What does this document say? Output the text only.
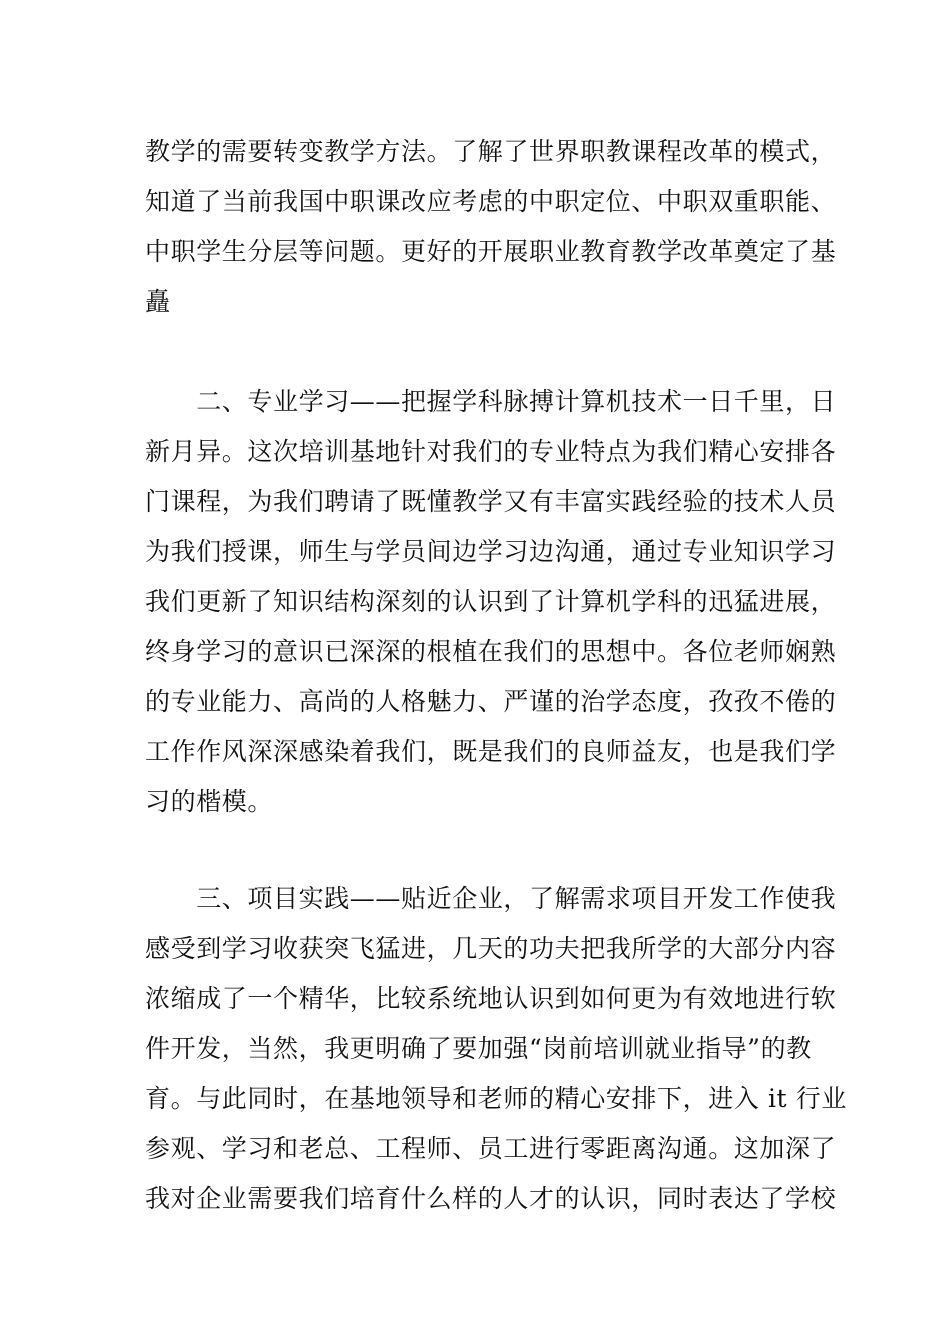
教学的需要转变教学方法。了解了世界职教课程改革的模式，
知道了当前我国中职课改应考虑的中职定位、中职双重职能、
中职学生分层等问题。更好的开展职业教育教学改革奠定了基
矗
　　二、专业学习——把握学科脉搏计算机技术一日千里，日
新月异。这次培训基地针对我们的专业特点为我们精心安排各
门课程，为我们聘请了既懂教学又有丰富实践经验的技术人员
为我们授课，师生与学员间边学习边沟通，通过专业知识学习
我们更新了知识结构深刻的认识到了计算机学科的迅猛进展，
终身学习的意识已深深的根植在我们的思想中。各位老师娴熟
的专业能力、高尚的人格魅力、严谨的治学态度，孜孜不倦的
工作作风深深感染着我们，既是我们的良师益友，也是我们学
习的楷模。
　　三、项目实践——贴近企业，了解需求项目开发工作使我
感受到学习收获突飞猛进，几天的功夫把我所学的大部分内容
浓缩成了一个精华，比较系统地认识到如何更为有效地进行软
件开发，当然，我更明确了要加强“岗前培训就业指导”的教
育。与此同时，在基地领导和老师的精心安排下，进入 it 行业
参观、学习和老总、工程师、员工进行零距离沟通。这加深了
我对企业需要我们培育什么样的人才的认识，同时表达了学校
